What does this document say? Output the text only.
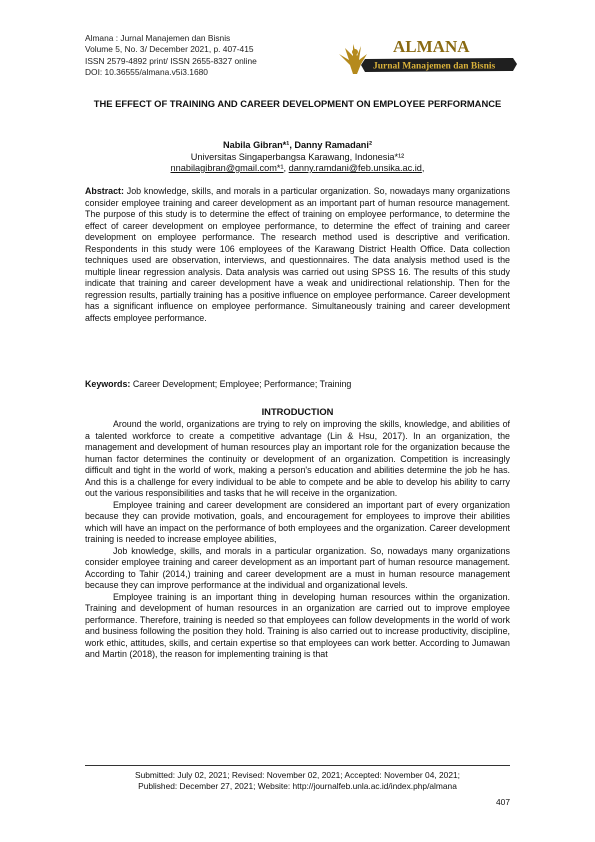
Almana : Jurnal Manajemen dan Bisnis
Volume 5, No. 3/ December 2021, p. 407-415
ISSN 2579-4892 print/ ISSN 2655-8327 online
DOI: 10.36555/almana.v5i3.1680
ALMANA
Jurnal Manajemen dan Bisnis
THE EFFECT OF TRAINING AND CAREER DEVELOPMENT ON EMPLOYEE PERFORMANCE
Nabila Gibran*¹, Danny Ramadani²
Universitas Singaperbangsa Karawang, Indonesia*¹²
nnabilagibran@gmail.com*¹, danny.ramdani@feb.unsika.ac.id,
Abstract: Job knowledge, skills, and morals in a particular organization. So, nowadays many organizations consider employee training and career development as an important part of human resource management. The purpose of this study is to determine the effect of training on employee performance, to determine the effect of career development on employee performance, to determine the effect of training and career development on employee performance. The research method used is descriptive and verification. Respondents in this study were 106 employees of the Karawang District Health Office. Data collection techniques used are observation, interviews, and questionnaires. The data analysis method used is the multiple linear regression analysis. Data analysis was carried out using SPSS 16. The results of this study indicate that training and career development have a weak and unidirectional relationship. Then for the regression results, partially training has a positive influence on employee performance. Career development has a significant influence on employee performance. Simultaneously training and career development affects employee performance.
Keywords: Career Development; Employee; Performance; Training
INTRODUCTION

Around the world, organizations are trying to rely on improving the skills, knowledge, and abilities of a talented workforce to create a competitive advantage (Lin & Hsu, 2017). In an organization, the management and development of human resources play an important role for the organization because the human factor determines the continuity or development of an organization. Competition is increasingly difficult and tight in the world of work, making a person's education and abilities determine the job he has. And this is a challenge for every individual to be able to compete and be able to develop his ability to carry out the various responsibilities and tasks that he will receive in the organization.

Employee training and career development are considered an important part of every organization because they can provide motivation, goals, and encouragement for employees to improve their abilities which will have an impact on the performance of both employees and the organization. Career development training is needed to increase employee abilities,

Job knowledge, skills, and morals in a particular organization. So, nowadays many organizations consider employee training and career development as an important part of human resource management. According to Tahir (2014,) training and career development are a must in human resource management because they can improve performance at the individual and organizational levels.

Employee training is an important thing in developing human resources within the organization. Training and development of human resources in an organization are carried out to improve employee performance. Therefore, training is needed so that employees can follow developments in the world of work and business following the position they hold. Training is also carried out to increase productivity, discipline, work ethic, attitudes, skills, and certain expertise so that employees can work better. According to Jumawan and Martin (2018), the reason for implementing training is that

Submitted: July 02, 2021; Revised: November 02, 2021; Accepted: November 04, 2021;
Published: December 27, 2021; Website: http://journalfeb.unla.ac.id/index.php/almana
407
